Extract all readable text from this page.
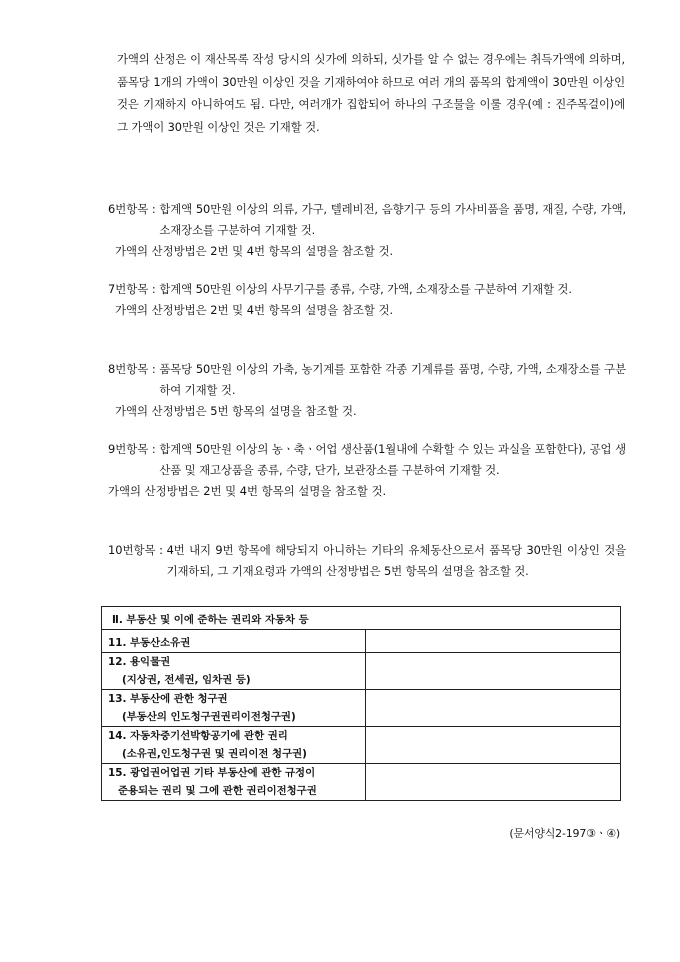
가액의 산정은 이 재산목록 작성 당시의 싯가에 의하되, 싯가를 알 수 없는 경우에는 취득가액에 의하며, 품목당 1개의 가액이 30만원 이상인 것을 기재하여야 하므로 여러 개의 품목의 합계액이 30만원 이상인 것은 기재하지 아니하여도 됨. 다만, 여러개가 집합되어 하나의 구조물을 이룰 경우(예 : 진주목걸이)에 그 가액이 30만원 이상인 것은 기재할 것.
6번항목 : 합계액 50만원 이상의 의류, 가구, 텔레비전, 음향기구 등의 가사비품을 품명, 재질, 수량, 가액, 소재장소를 구분하여 기재할 것.
가액의 산정방법은 2번 및 4번 항목의 설명을 참조할 것.
7번항목 : 합계액 50만원 이상의 사무기구를 종류, 수량, 가액, 소재장소를 구분하여 기재할 것.
가액의 산정방법은 2번 및 4번 항목의 설명을 참조할 것.
8번항목 : 품목당 50만원 이상의 가축, 농기계를 포함한 각종 기계류를 품명, 수량, 가액, 소재장소를 구분하여 기재할 것.
가액의 산정방법은 5번 항목의 설명을 참조할 것.
9번항목 : 합계액 50만원 이상의 농ㆍ축ㆍ어업 생산품(1월내에 수확할 수 있는 과실을 포함한다), 공업 생산품 및 재고상품을 종류, 수량, 단가, 보관장소를 구분하여 기재할 것.
가액의 산정방법은 2번 및 4번 항목의 설명을 참조할 것.
10번항목 : 4번 내지 9번 항목에 해당되지 아니하는 기타의 유체동산으로서 품목당 30만원 이상인 것을 기재하되, 그 기재요령과 가액의 산정방법은 5번 항목의 설명을 참조할 것.
Ⅱ. 부동산 및 이에 준하는 권리와 자동차 등	
11. 부동산소유권	

12. 용익물권
(지상권, 전세권, 임차권 등)	

13. 부동산에 관한 청구권
(부동산의 인도청구권권리이전청구권)	

14. 자동차중기선박항공기에 관한 권리
(소유권,인도청구권 및 권리이전 청구권)	

15. 광업권어업권 기타 부동산에 관한 규정이
준용되는 권리 및 그에 관한 권리이전청구권	

(문서양식2-197③ㆍ④)
